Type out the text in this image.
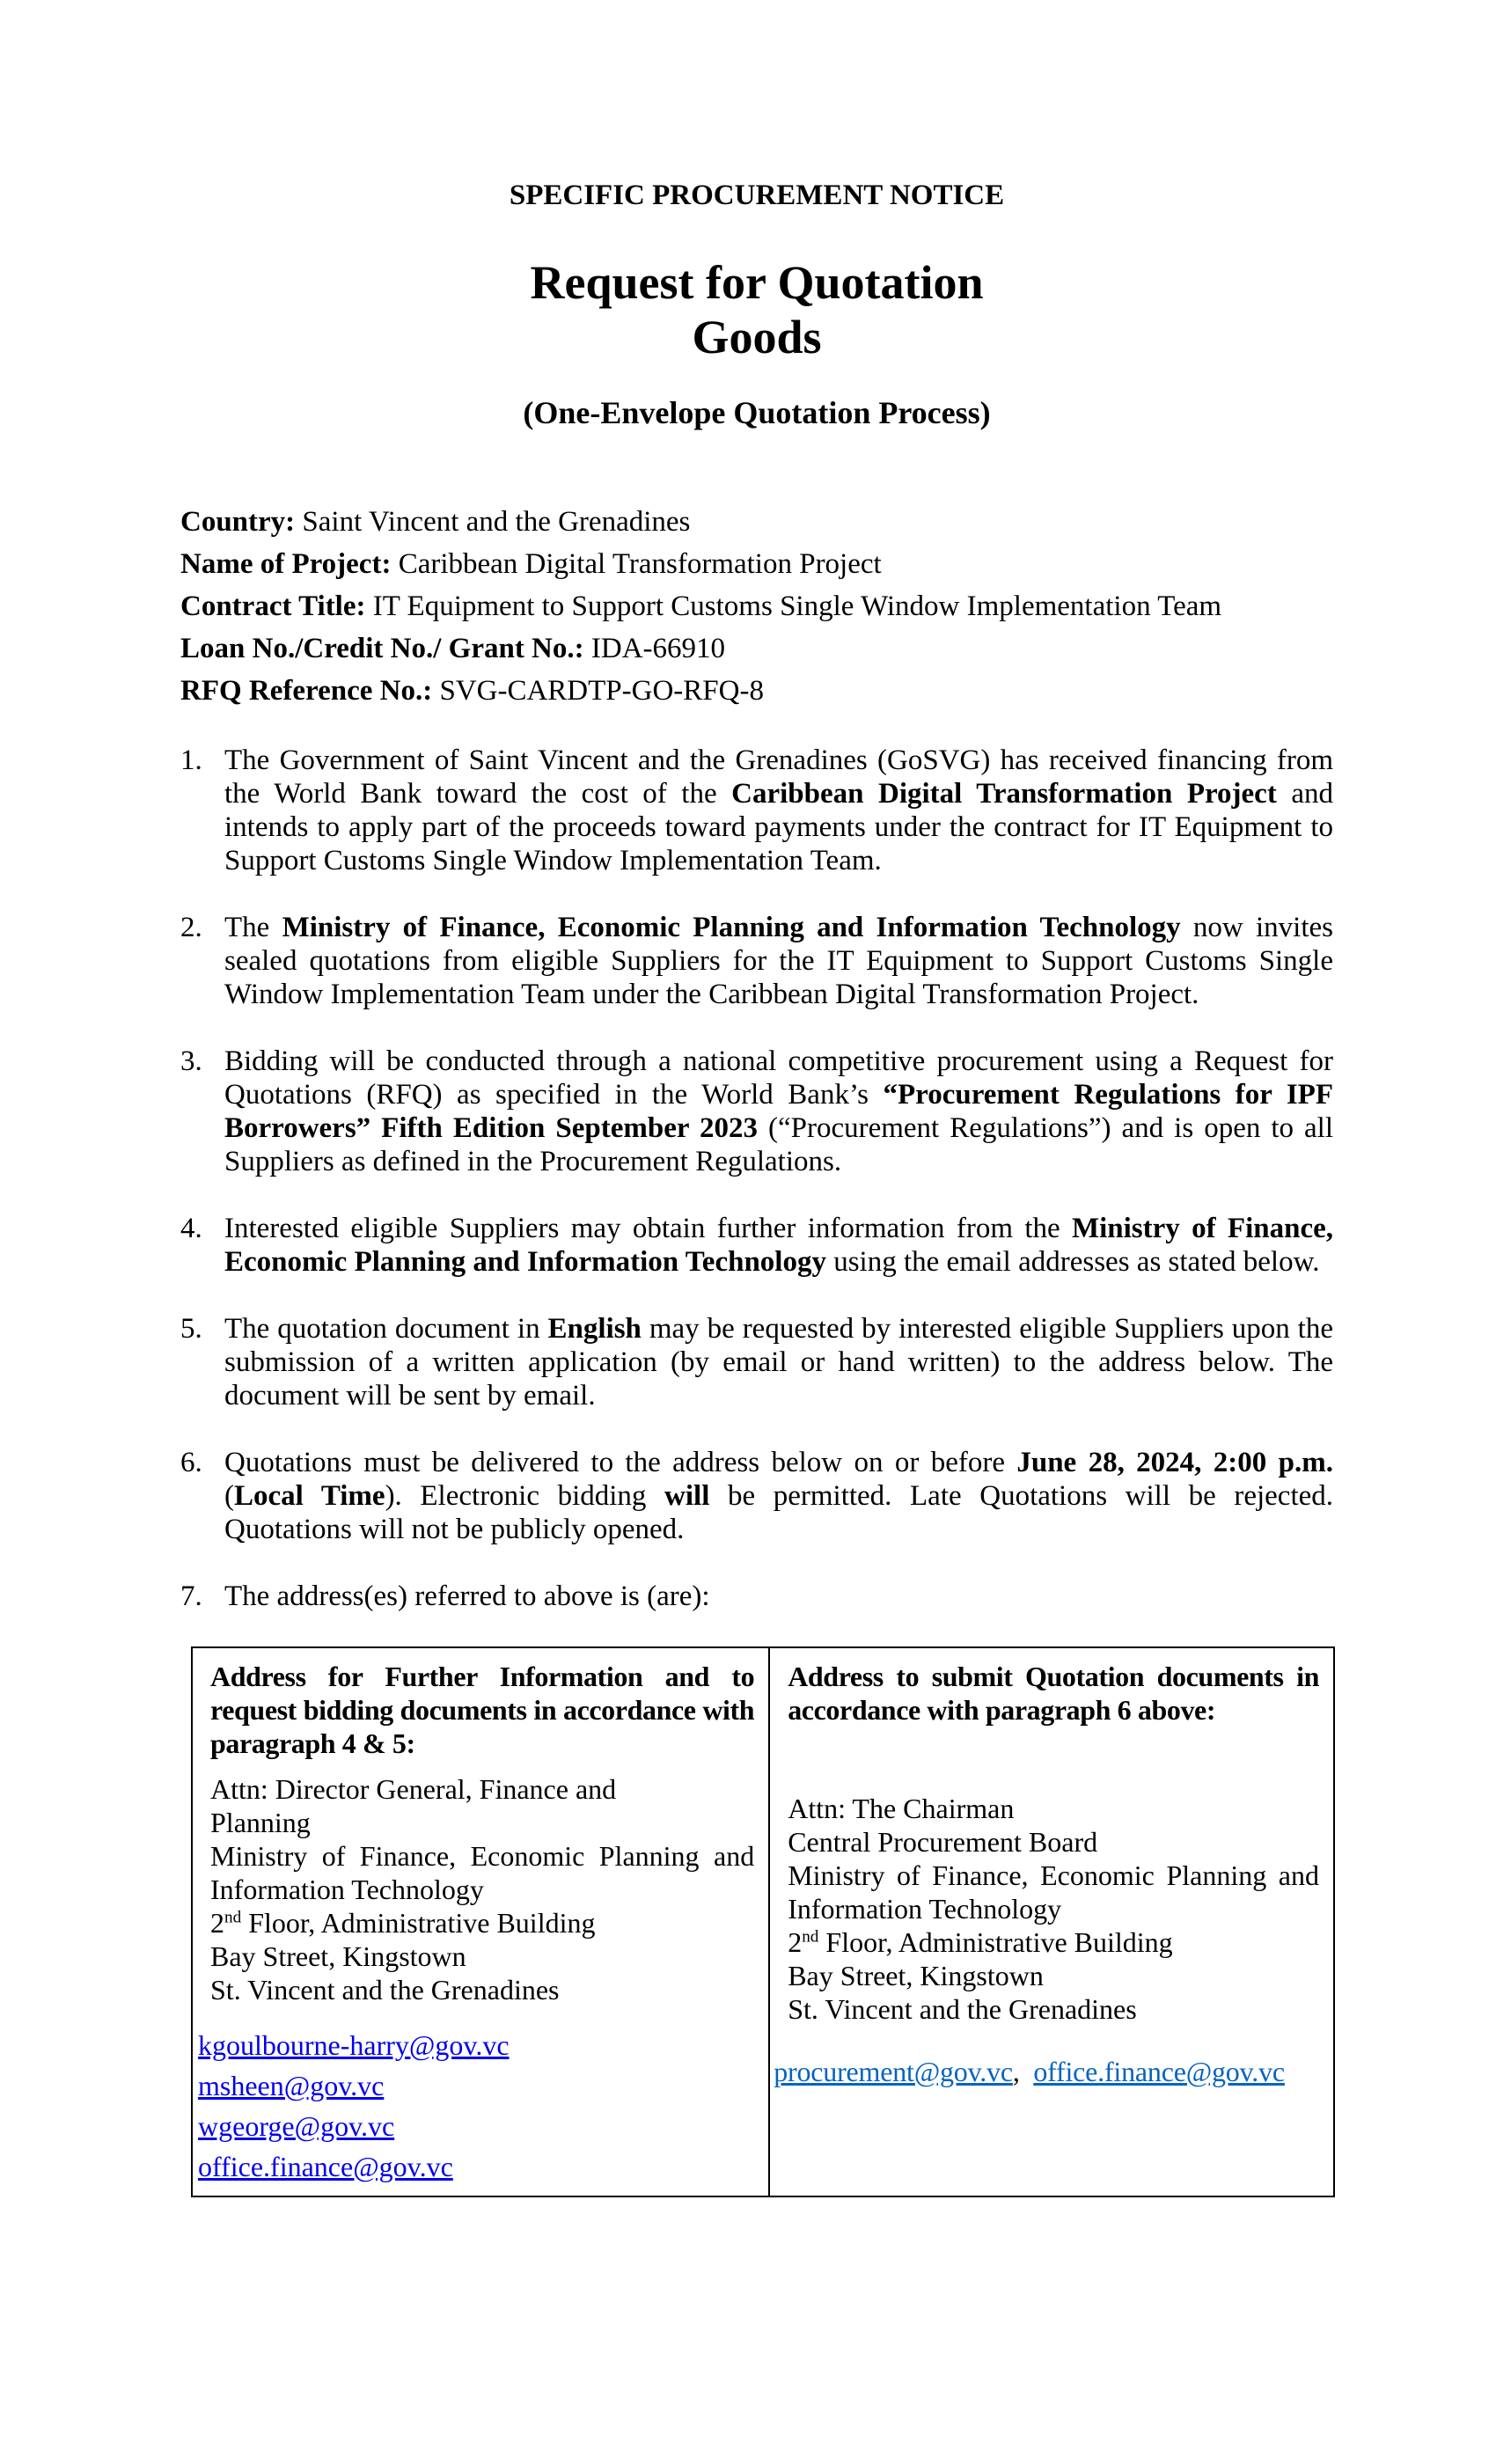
SPECIFIC PROCUREMENT NOTICE
Request for Quotation
Goods
(One-Envelope Quotation Process)
Country: Saint Vincent and the Grenadines
Name of Project: Caribbean Digital Transformation Project
Contract Title: IT Equipment to Support Customs Single Window Implementation Team
Loan No./Credit No./ Grant No.: IDA-66910
RFQ Reference No.: SVG-CARDTP-GO-RFQ-8
1. The Government of Saint Vincent and the Grenadines (GoSVG) has received financing from the World Bank toward the cost of the Caribbean Digital Transformation Project and intends to apply part of the proceeds toward payments under the contract for IT Equipment to Support Customs Single Window Implementation Team.
2. The Ministry of Finance, Economic Planning and Information Technology now invites sealed quotations from eligible Suppliers for the IT Equipment to Support Customs Single Window Implementation Team under the Caribbean Digital Transformation Project.
3. Bidding will be conducted through a national competitive procurement using a Request for Quotations (RFQ) as specified in the World Bank’s “Procurement Regulations for IPF Borrowers” Fifth Edition September 2023 (“Procurement Regulations”) and is open to all Suppliers as defined in the Procurement Regulations.
4. Interested eligible Suppliers may obtain further information from the Ministry of Finance, Economic Planning and Information Technology using the email addresses as stated below.
5. The quotation document in English may be requested by interested eligible Suppliers upon the submission of a written application (by email or hand written) to the address below. The document will be sent by email.
6. Quotations must be delivered to the address below on or before June 28, 2024, 2:00 p.m. (Local Time). Electronic bidding will be permitted. Late Quotations will be rejected. Quotations will not be publicly opened.
7. The address(es) referred to above is (are):
Address for Further Information and to request bidding documents in accordance with paragraph 4 & 5:
Attn: Director General, Finance and
Planning
Ministry of Finance, Economic Planning and Information Technology
2nd Floor, Administrative Building
Bay Street, Kingstown
St. Vincent and the Grenadines
kgoulbourne-harry@gov.vc
msheen@gov.vc
wgeorge@gov.vc
office.finance@gov.vc

Address to submit Quotation documents in accordance with paragraph 6 above:
Attn: The Chairman
Central Procurement Board
Ministry of Finance, Economic Planning and Information Technology
2nd Floor, Administrative Building
Bay Street, Kingstown
St. Vincent and the Grenadines
procurement@gov.vc,  office.finance@gov.vc
